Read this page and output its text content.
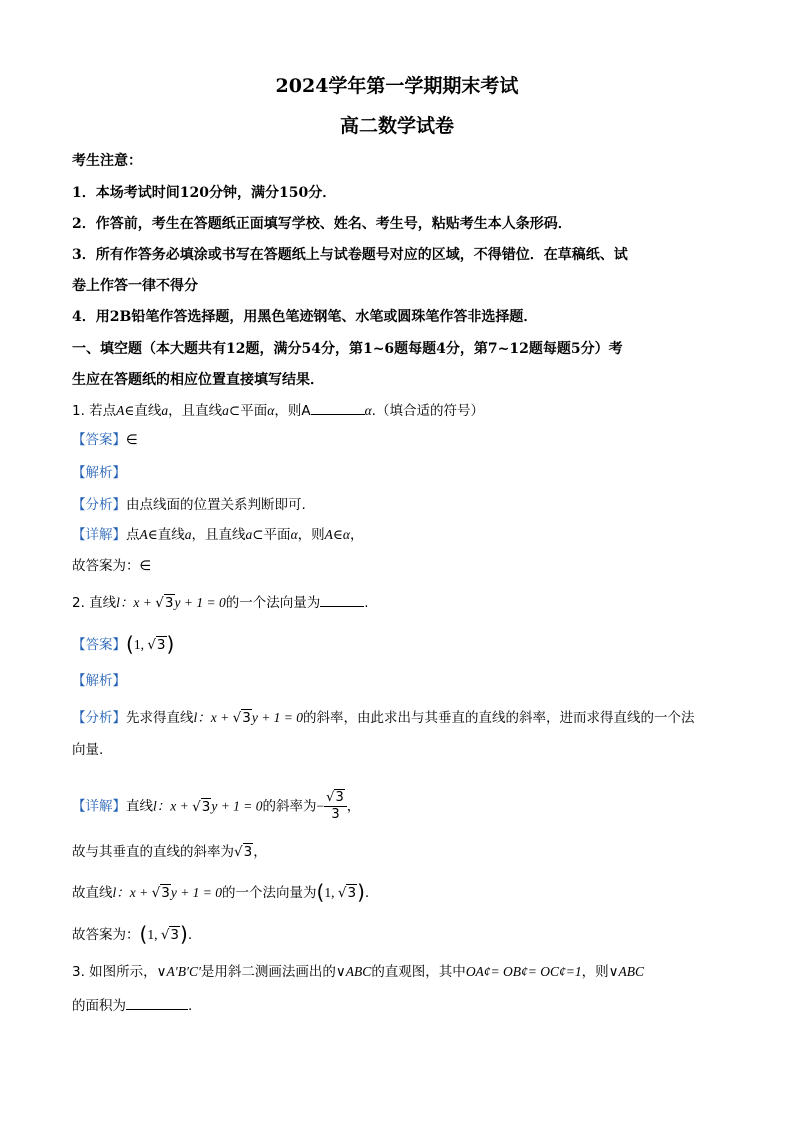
2024学年第一学期期末考试
高二数学试卷
考生注意：
1．本场考试时间120分钟，满分150分．
2．作答前，考生在答题纸正面填写学校、姓名、考生号，粘贴考生本人条形码．
3．所有作答务必填涂或书写在答题纸上与试卷题号对应的区域，不得错位．在草稿纸、试
卷上作答一律不得分
4．用2B铅笔作答选择题，用黑色笔迹钢笔、水笔或圆珠笔作答非选择题．
一、填空题（本大题共有12题，满分54分，第1~6题每题4分，第7~12题每题5分）考
生应在答题纸的相应位置直接填写结果．
1. 若点A∈直线a，且直线a⊂平面α，则A	α.（填合适的符号）
【答案】∈
【解析】
【分析】由点线面的位置关系判断即可.
【详解】点A∈直线a，且直线a⊂平面α，则A∈α，
故答案为：∈
2. 直线l：x + √3y + 1 = 0的一个法向量为	.
【答案】(1, √3)
【解析】
【分析】先求得直线l：x + √3y + 1 = 0的斜率，由此求出与其垂直的直线的斜率，进而求得直线的一个法
向量.
【详解】直线l：x + √3y + 1 = 0的斜率为− $\frac{√3}{3}$ ，
故与其垂直的直线的斜率为√3，
故直线l：x + √3y + 1 = 0的一个法向量为(1, √3).
故答案为：(1, √3).
3. 如图所示，∨A′B′C′是用斜二测画法画出的∨ABC的直观图，其中OA¢= OB¢= OC¢=1，则∨ABC
的面积为	.
